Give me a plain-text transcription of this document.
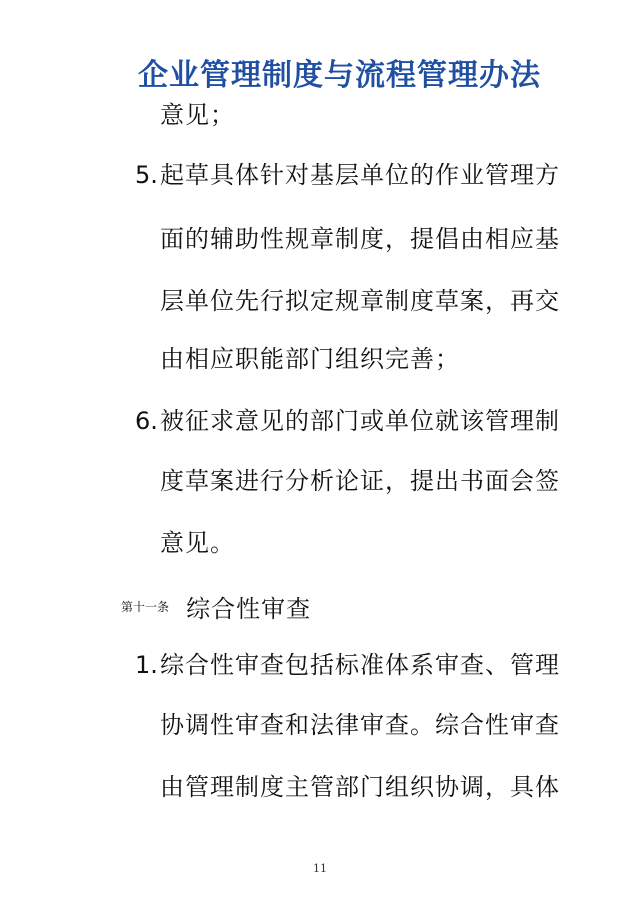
企业管理制度与流程管理办法
意见；
5. 起草具体针对基层单位的作业管理方
面的辅助性规章制度，提倡由相应基
层单位先行拟定规章制度草案，再交
由相应职能部门组织完善；
6. 被征求意见的部门或单位就该管理制
度草案进行分析论证，提出书面会签
意见。
第十一条 综合性审查
1. 综合性审查包括标准体系审查、管理
协调性审查和法律审查。综合性审查
由管理制度主管部门组织协调，具体
11
